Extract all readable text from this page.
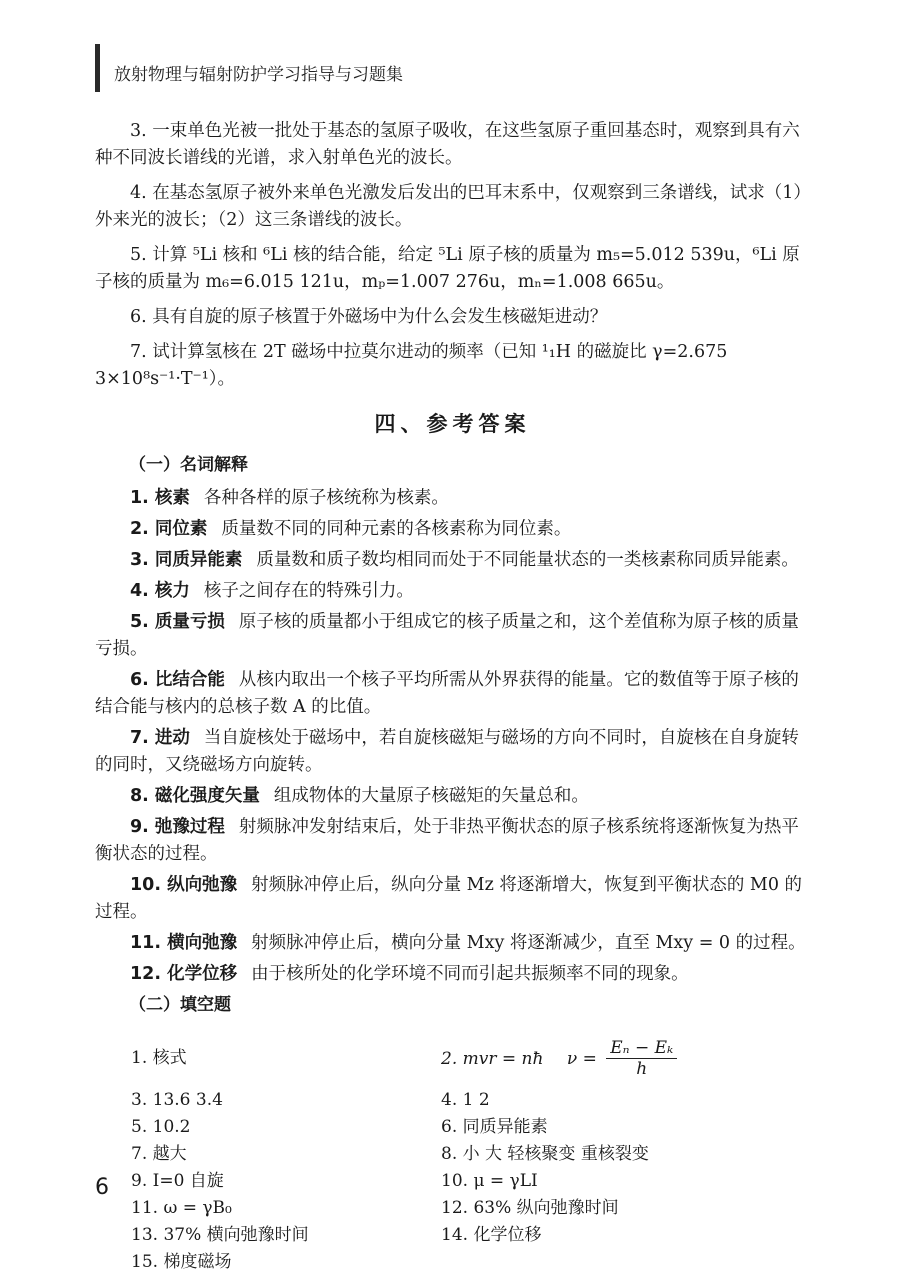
放射物理与辐射防护学习指导与习题集

3. 一束单色光被一批处于基态的氢原子吸收，在这些氢原子重回基态时，观察到具有六种不同波长谱线的光谱，求入射单色光的波长。

4. 在基态氢原子被外来单色光激发后发出的巴耳末系中，仅观察到三条谱线，试求（1）外来光的波长；（2）这三条谱线的波长。

5. 计算 ⁵Li 核和 ⁶Li 核的结合能，给定 ⁵Li 原子核的质量为 m₅=5.012 539u，⁶Li 原子核的质量为 m₆=6.015 121u，mₚ=1.007 276u，mₙ=1.008 665u。

6. 具有自旋的原子核置于外磁场中为什么会发生核磁矩进动？

7. 试计算氢核在 2T 磁场中拉莫尔进动的频率（已知 ¹₁H 的磁旋比 γ=2.675 3×10⁸s⁻¹·T⁻¹）。

四、参考答案
（一）名词解释

1. 核素 各种各样的原子核统称为核素。

2. 同位素 质量数不同的同种元素的各核素称为同位素。

3. 同质异能素 质量数和质子数均相同而处于不同能量状态的一类核素称同质异能素。

4. 核力 核子之间存在的特殊引力。

5. 质量亏损 原子核的质量都小于组成它的核子质量之和，这个差值称为原子核的质量亏损。

6. 比结合能 从核内取出一个核子平均所需从外界获得的能量。它的数值等于原子核的结合能与核内的总核子数 A 的比值。

7. 进动 当自旋核处于磁场中，若自旋核磁矩与磁场的方向不同时，自旋核在自身旋转的同时，又绕磁场方向旋转。

8. 磁化强度矢量 组成物体的大量原子核磁矩的矢量总和。

9. 弛豫过程 射频脉冲发射结束后，处于非热平衡状态的原子核系统将逐渐恢复为热平衡状态的过程。

10. 纵向弛豫 射频脉冲停止后，纵向分量 Mz 将逐渐增大，恢复到平衡状态的 M0 的过程。

11. 横向弛豫 射频脉冲停止后，横向分量 Mxy 将逐渐减少，直至 Mxy = 0 的过程。

12. 化学位移 由于核所处的化学环境不同而引起共振频率不同的现象。

（二）填空题
1. 核式	2. mvr = nħ $\nu = \frac{\text{Eₙ − Eₖ}}{h}$
3. 13.6 3.4	4. 1 2
5. 10.2	6. 同质异能素
7. 越大	8. 小 大 轻核聚变 重核裂变
9. I=0 自旋	10. μ = γLI
11. ω = γB₀	12. 63% 纵向弛豫时间
13. 37% 横向弛豫时间	14. 化学位移
15. 梯度磁场
6
